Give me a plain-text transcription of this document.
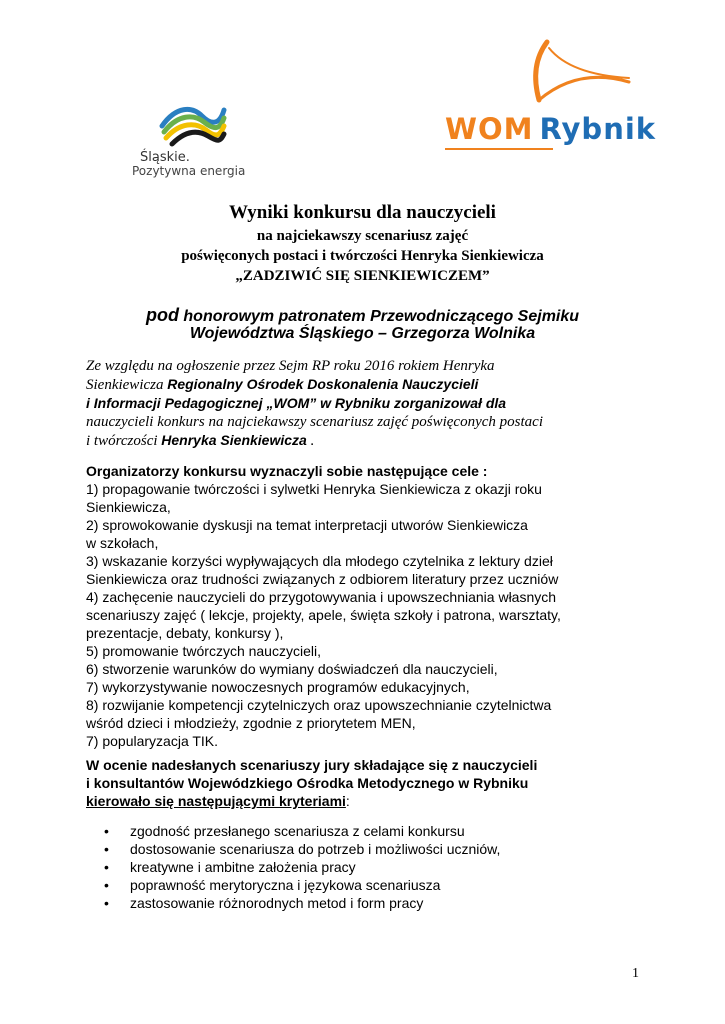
Śląskie.
Pozytywna energia
WOM Rybnik
Wyniki konkursu dla nauczycieli
na najciekawszy scenariusz zajęć
poświęconych postaci i twórczości Henryka Sienkiewicza
„ZADZIWIĆ SIĘ SIENKIEWICZEM”
pod honorowym patronatem Przewodniczącego Sejmiku
Województwa Śląskiego – Grzegorza Wolnika
Ze względu na ogłoszenie przez Sejm RP roku 2016 rokiem Henryka
Sienkiewicza Regionalny Ośrodek Doskonalenia Nauczycieli
i Informacji Pedagogicznej „WOM” w Rybniku zorganizował dla
nauczycieli konkurs na najciekawszy scenariusz zajęć poświęconych postaci
i twórczości Henryka Sienkiewicza .
Organizatorzy konkursu wyznaczyli sobie następujące cele :
1) propagowanie twórczości i sylwetki Henryka Sienkiewicza z okazji roku
Sienkiewicza,
2) sprowokowanie dyskusji na temat interpretacji utworów Sienkiewicza
w szkołach,
3) wskazanie korzyści wypływających dla młodego czytelnika z lektury dzieł
Sienkiewicza oraz trudności związanych z odbiorem literatury przez uczniów
4) zachęcenie nauczycieli do przygotowywania i upowszechniania własnych
scenariuszy zajęć ( lekcje, projekty, apele, święta szkoły i patrona, warsztaty,
prezentacje, debaty, konkursy ),
5) promowanie twórczych nauczycieli,
6) stworzenie warunków do wymiany doświadczeń dla nauczycieli,
7) wykorzystywanie nowoczesnych programów edukacyjnych,
8) rozwijanie kompetencji czytelniczych oraz upowszechnianie czytelnictwa
wśród dzieci i młodzieży, zgodnie z priorytetem MEN,
7) popularyzacja TIK.
W ocenie nadesłanych scenariuszy jury składające się z nauczycieli
i konsultantów Wojewódzkiego Ośrodka Metodycznego w Rybniku
kierowało się następującymi kryteriami:
• zgodność przesłanego scenariusza z celami konkursu
• dostosowanie scenariusza do potrzeb i możliwości uczniów,
• kreatywne i ambitne założenia pracy
• poprawność merytoryczna i językowa scenariusza
• zastosowanie różnorodnych metod i form pracy
1
